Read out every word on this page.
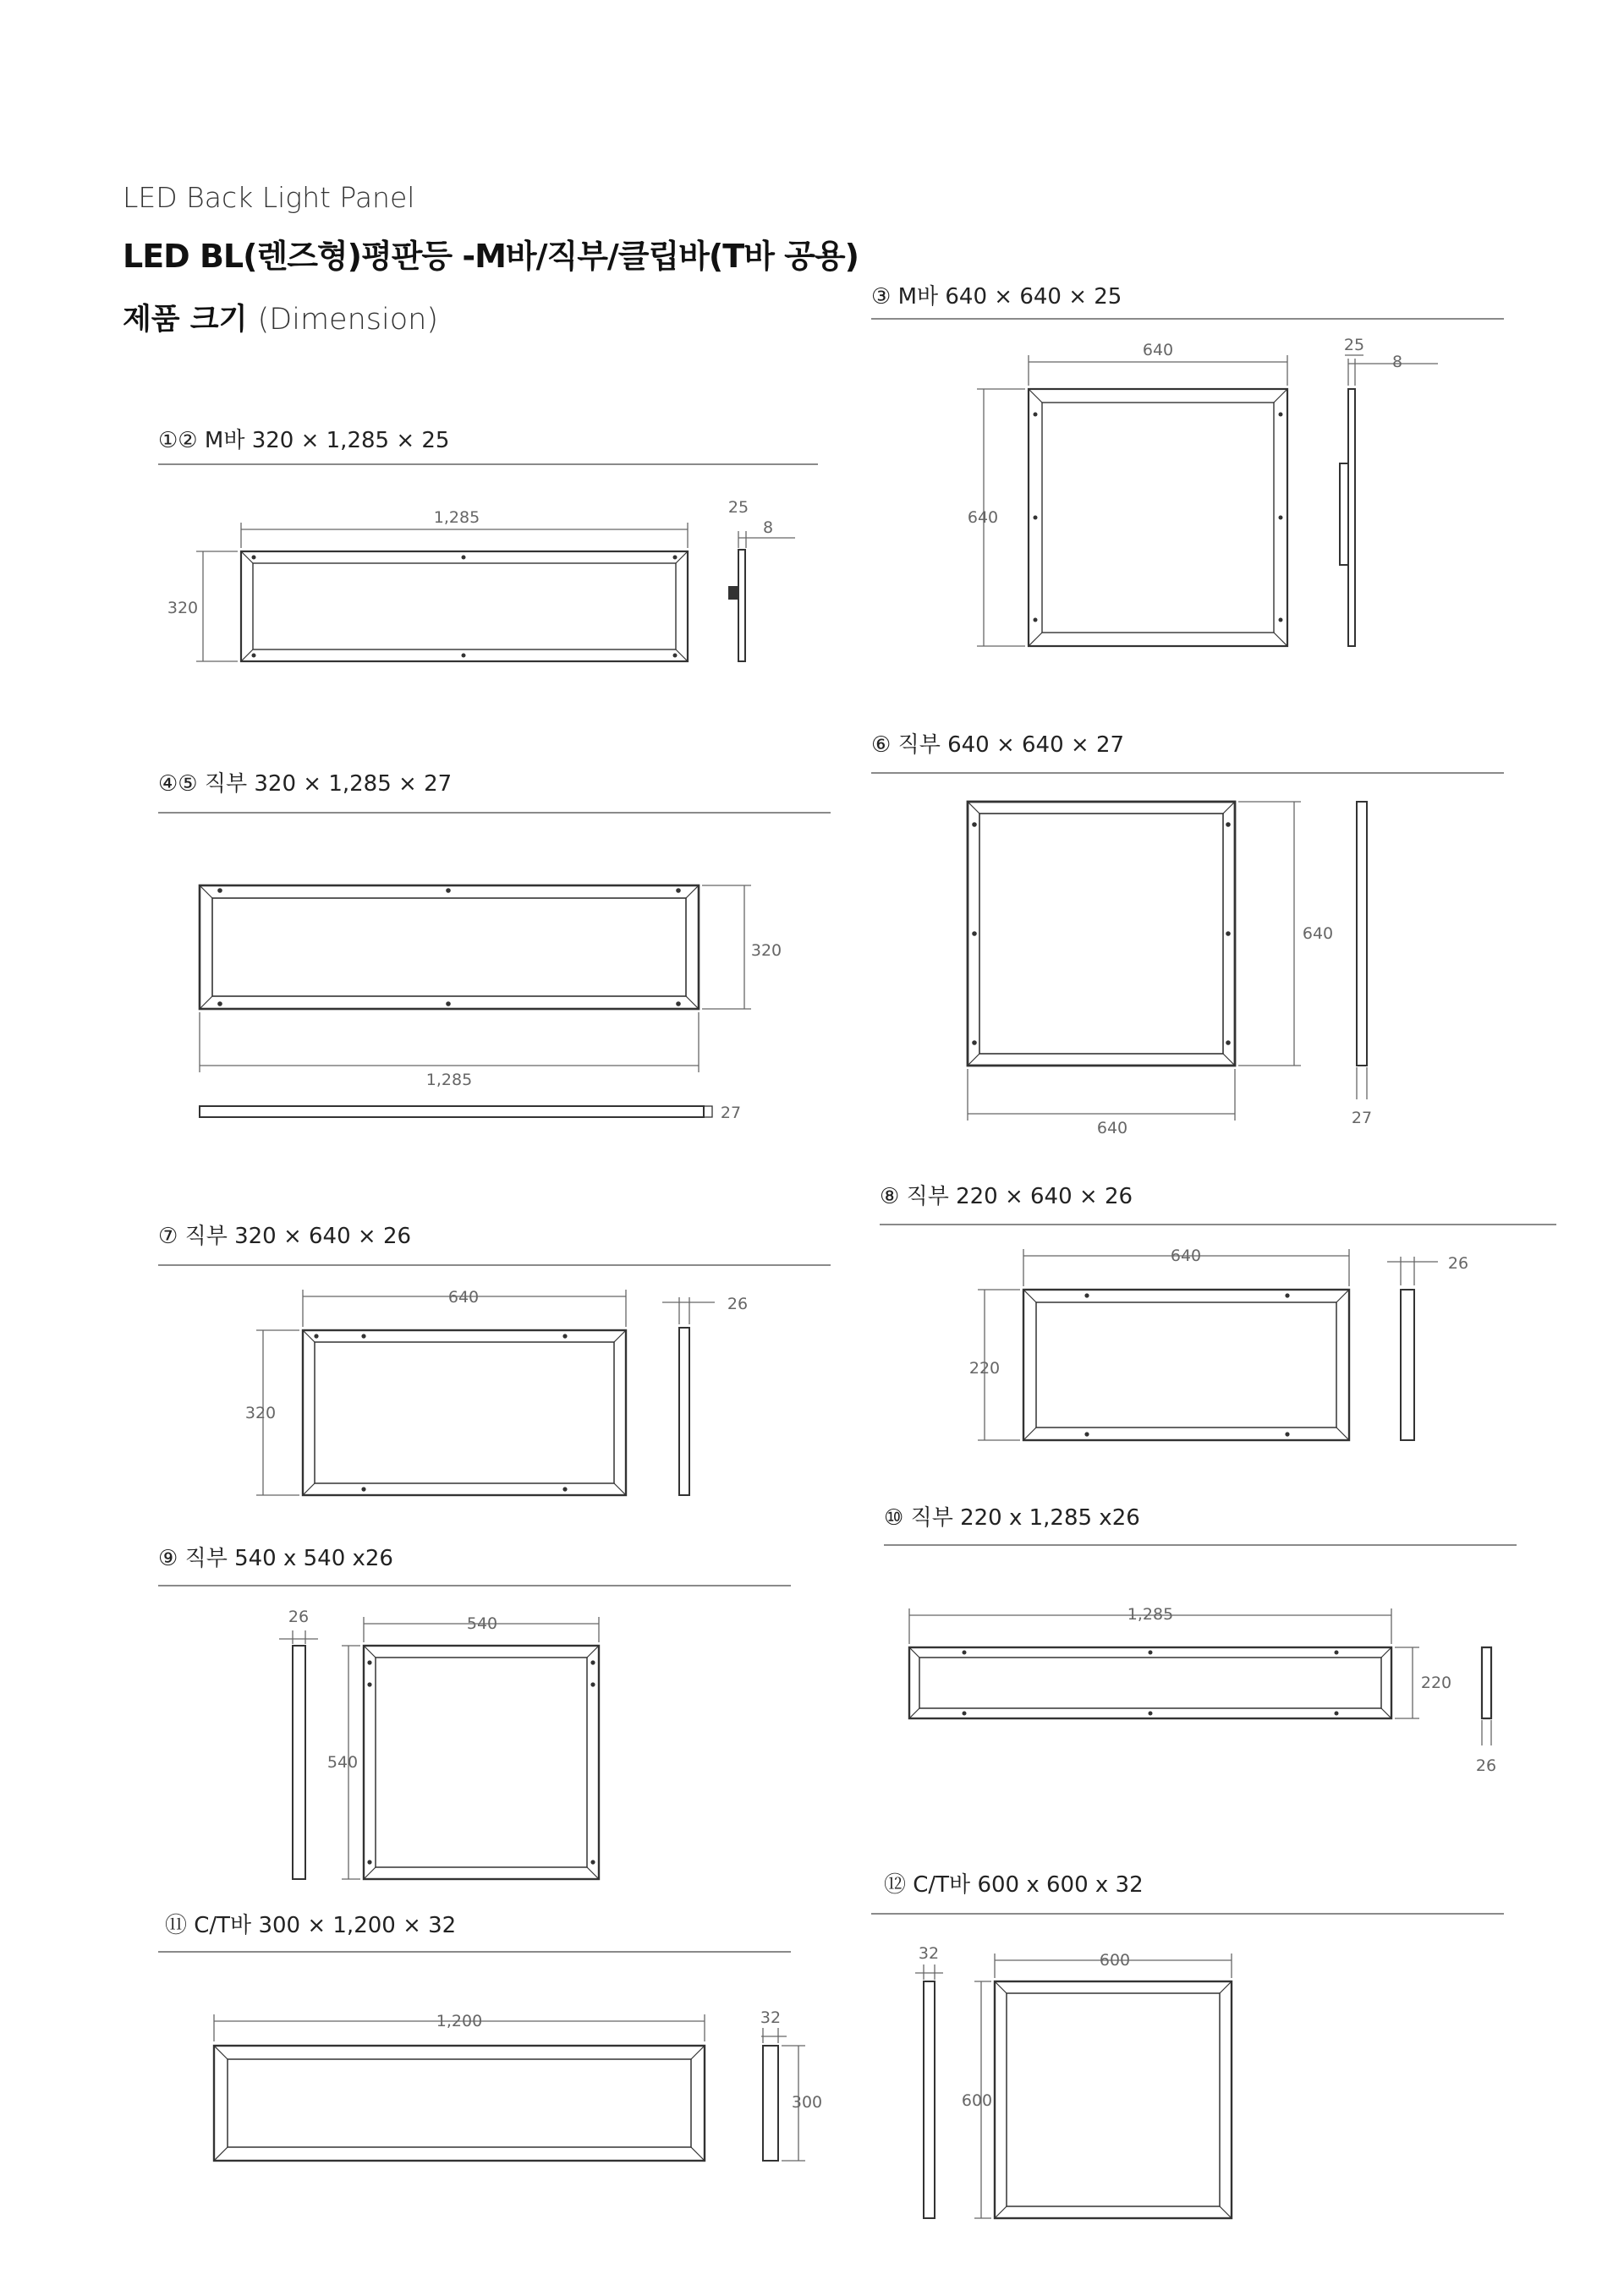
LED Back Light Panel
LED BL(렌즈형)평판등 -M바/직부/클립바(T바 공용)
제품 크기 (Dimension)
①② M바 320 × 1,285 × 25
③ M바 640 × 640 × 25
④⑤ 직부 320 × 1,285 × 27
⑥ 직부 640 × 640 × 27
⑦ 직부 320 × 640 × 26
⑧ 직부 220 × 640 × 26
⑨ 직부 540 x 540 x26
⑩ 직부 220 x 1,285 x26
⑪ C/T바 300 × 1,200 × 32
⑫ C/T바 600 x 600 x 32
1,285
320
25
8
640
640
25
8
1,285
320
27
640
640
27
640
320
26
640
220
26
540
540
26	1,285
220
26
1,200
300
32
600
600
32
